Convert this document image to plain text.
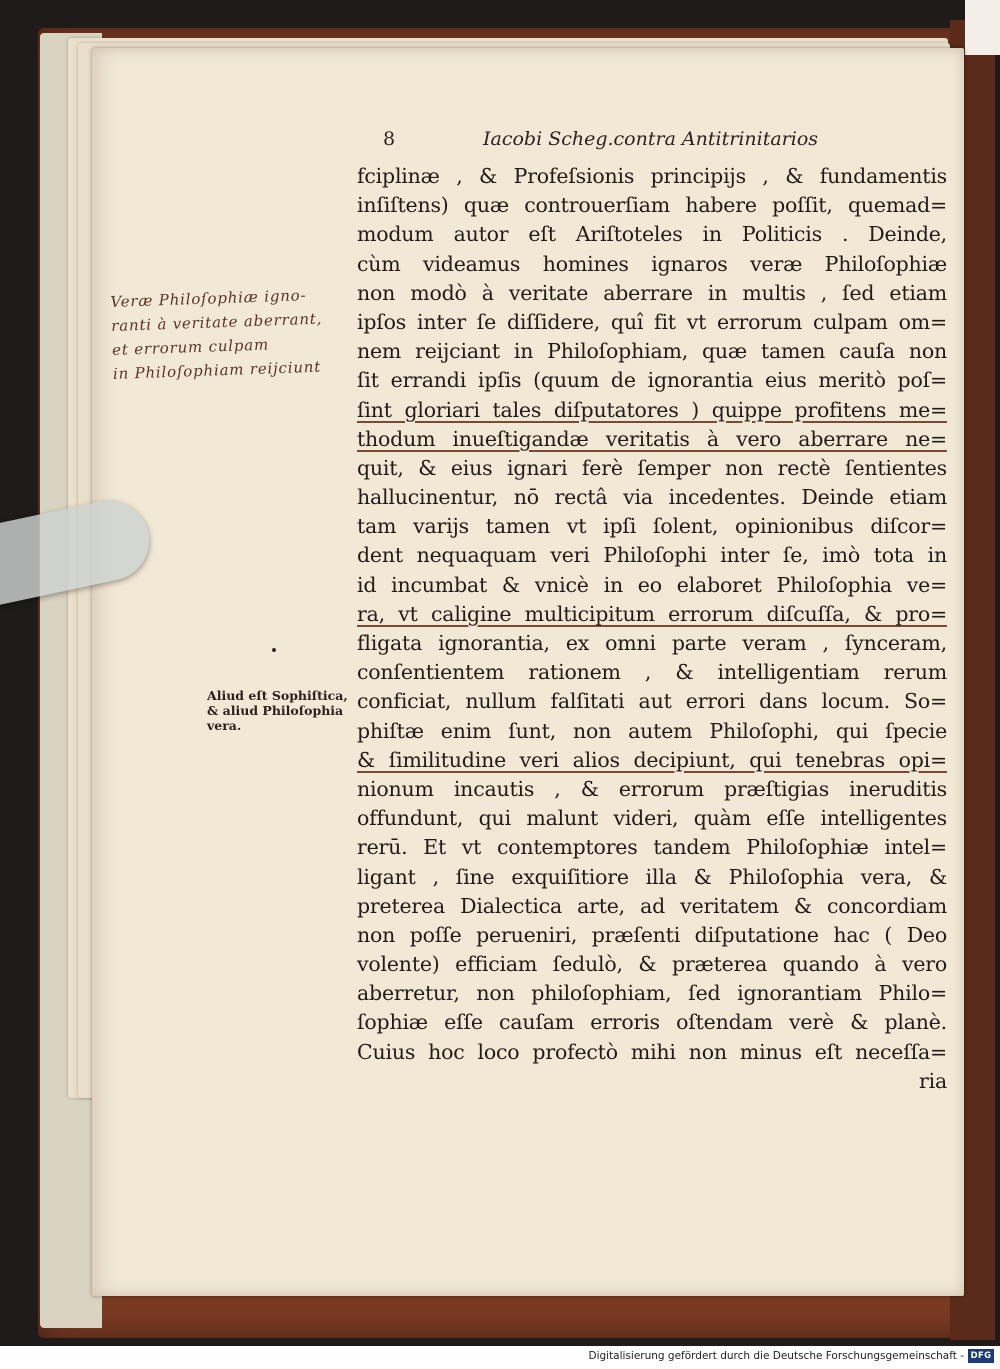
8	Iacobi Scheg.contra Antitrinitarios
Veræ Philoſophiæ igno-
ranti à veritate aberrant,
et errorum culpam
in Philoſophiam reijciunt
Aliud eſt Sophiſtica,
& aliud Philoſophia
vera.
fciplinæ , & Profeſsionis principijs , & fundamentis
inſiſtens) quæ controuerſiam habere poſſit, quemad=
modum autor eſt Ariſtoteles in Politicis . Deinde,
cùm videamus homines ignaros veræ Philoſophiæ
non modò à veritate aberrare in multis , ſed etiam
ipſos inter ſe diſſidere, quî fit vt errorum culpam om=
nem reijciant in Philoſophiam, quæ tamen cauſa non
ſit errandi ipſis (quum de ignorantia eius meritò poſ=
ſint gloriari tales diſputatores ) quippe profitens me=
thodum inueſtigandæ veritatis à vero aberrare ne=
quit, & eius ignari ferè ſemper non rectè ſentientes
hallucinentur, nō rectâ via incedentes. Deinde etiam
tam varijs tamen vt ipſi ſolent, opinionibus diſcor=
dent nequaquam veri Philoſophi inter ſe, imò tota in
id incumbat & vnicè in eo elaboret Philoſophia ve=
ra, vt caligine multicipitum errorum diſcuſſa, & pro=
fligata ignorantia, ex omni parte veram , ſynceram,
conſentientem rationem , & intelligentiam rerum
conficiat, nullum falſitati aut errori dans locum. So=
phiſtæ enim ſunt, non autem Philoſophi, qui ſpecie
& ſimilitudine veri alios decipiunt, qui tenebras opi=
nionum incautis , & errorum præſtigias ineruditis
offundunt, qui malunt videri, quàm eſſe intelligentes
rerū. Et vt contemptores tandem Philoſophiæ intel=
ligant , ſine exquiſitiore illa & Philoſophia vera, &
preterea Dialectica arte, ad veritatem & concordiam
non poſſe perueniri, præſenti diſputatione hac ( Deo
volente) efficiam ſedulò, & præterea quando à vero
aberretur, non philoſophiam, ſed ignorantiam Philo=
ſophiæ eſſe cauſam erroris oſtendam verè & planè.
Cuius hoc loco profectò mihi non minus eſt neceſſa=
ria
Digitalisierung gefördert durch die Deutsche Forschungsgemeinschaft - DFG
